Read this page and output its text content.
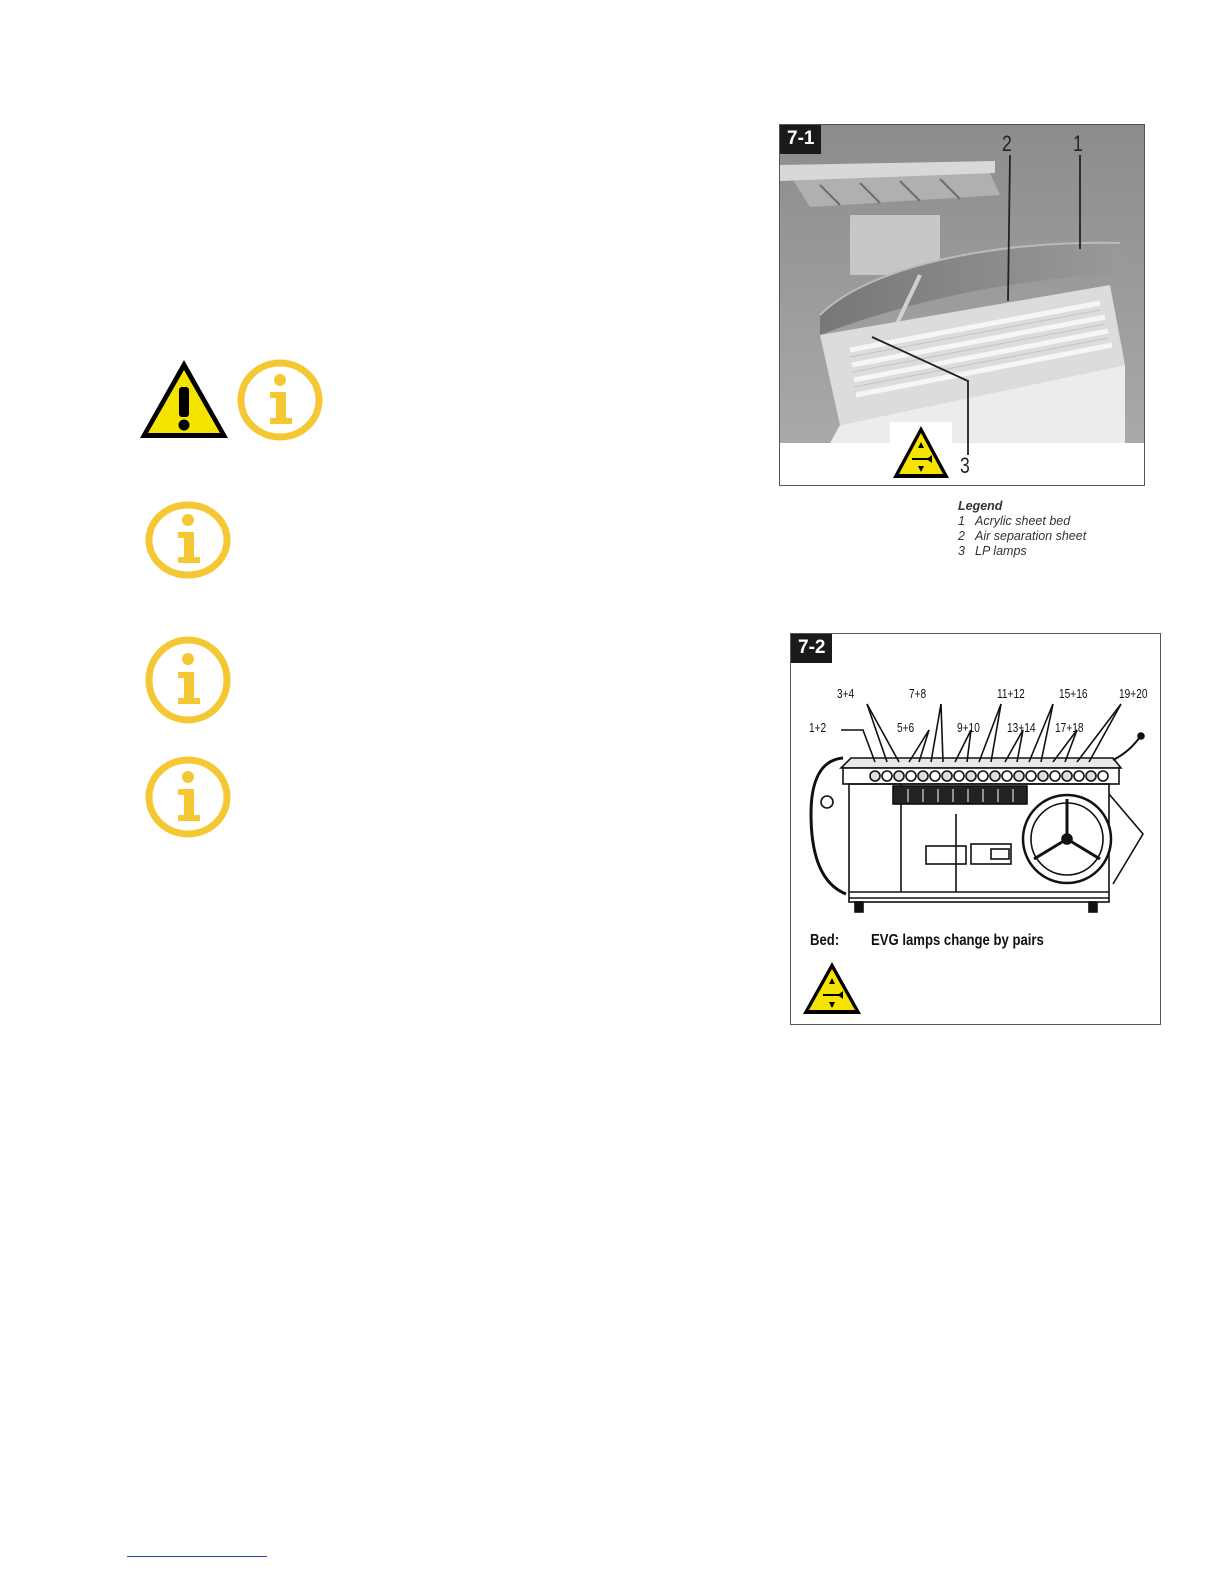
7-1	2	1
3
Legend
1 Acrylic sheet bed
2 Air separation sheet
3 LP lamps
7-2
3+4	7+8	11+12	15+16 19+20
1+2	5+6	9+10 13+14 17+18
Bed: EVG lamps change by pairs
